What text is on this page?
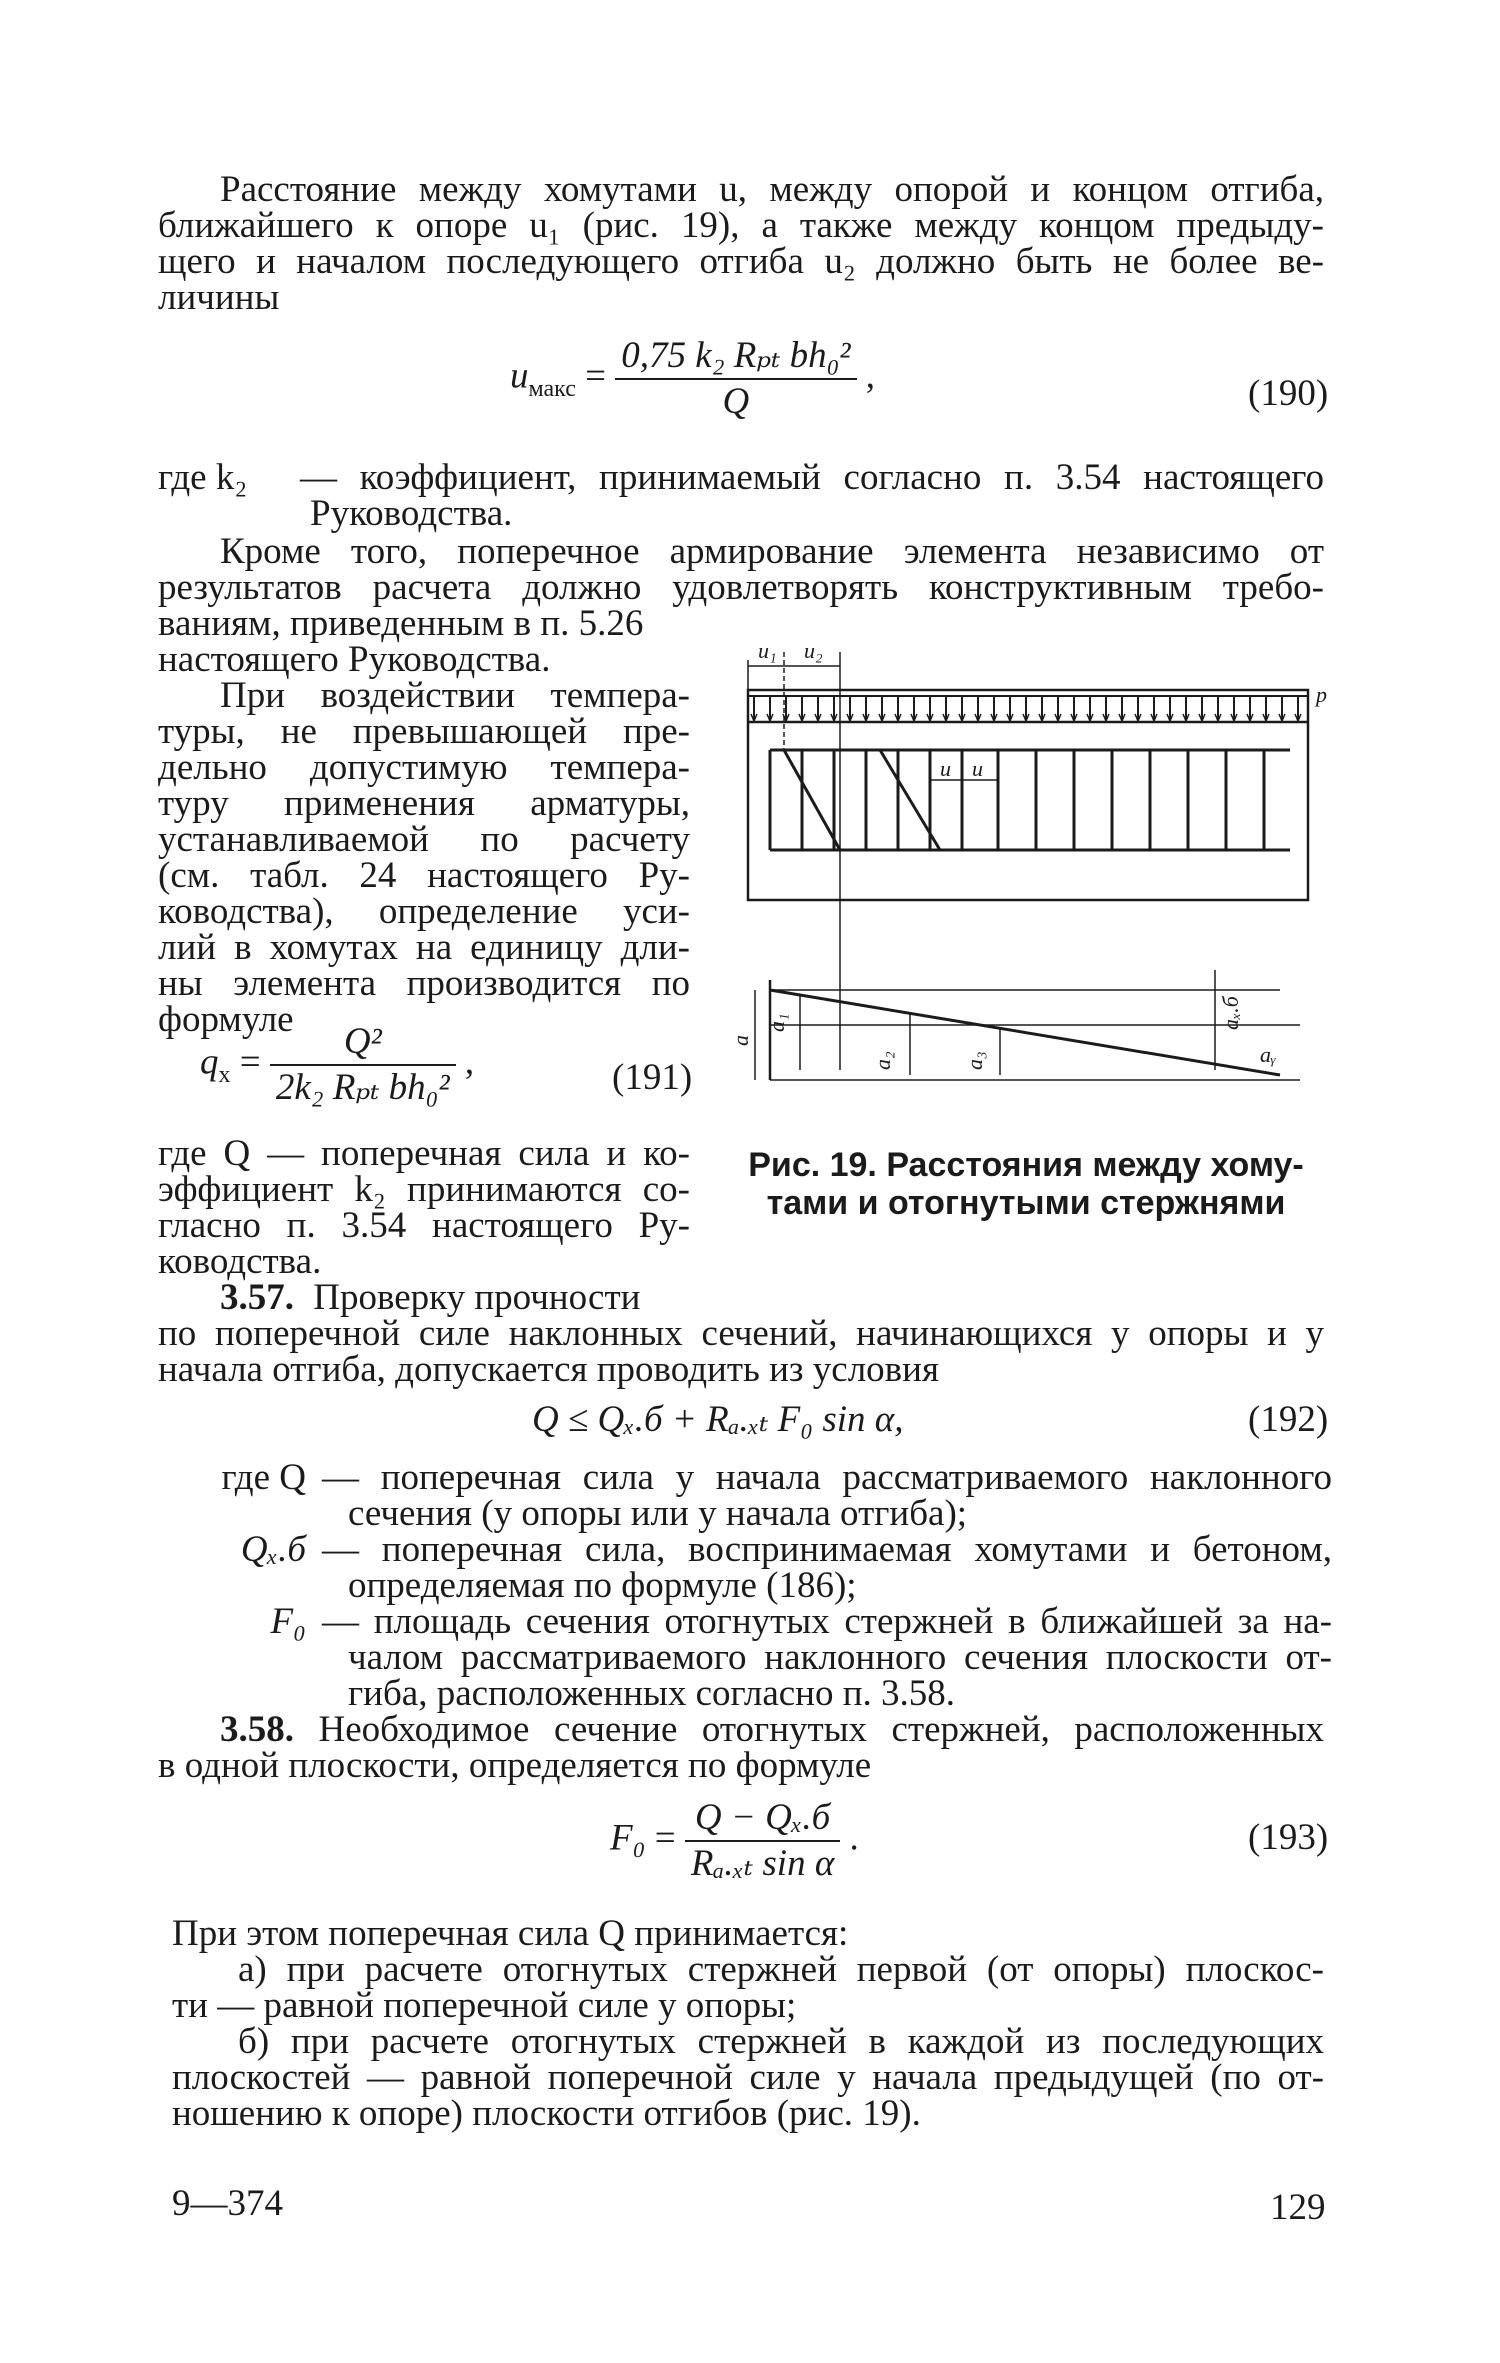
Расстояние между хомутами u, между опорой и концом отгиба,
ближайшего к опоре u₁ (рис. 19), а также между концом предыду-
щего и началом последующего отгиба u₂ должно быть не более ве-
личины
$u_{макс} = \frac{\text{0,75 k₂ Rₚₜ bh₀²}}{Q}$ ,	(190)
где k₂ — коэффициент, принимаемый согласно п. 3.54 настоящего
Руководства.
Кроме того, поперечное армирование элемента независимо от
результатов расчета должно удовлетворять конструктивным требо-
ваниям, приведенным в п. 5.26
настоящего Руководства.
При воздействии темпера-
туры, не превышающей пре-
дельно допустимую темпера-
туру применения арматуры,
устанавливаемой по расчету
(см. табл. 24 настоящего Ру-
ководства), определение уси-
лий в хомутах на единицу дли-
ны элемента производится по
формуле
$q_x = \frac{\text{Q²}}{\text{2k₂ Rₚₜ bh₀²}}$ ,	(191)
где Q — поперечная сила и ко-
эффициент k₂ принимаются со-
гласно п. 3.54 настоящего Ру-
ководства.
u₁ u₂
p
u u
a
a₁
a₂	a₃
aₓ.б
aᵧ
Рис. 19. Расстояния между хому-
тами и отогнутыми стержнями
3.57. Проверку прочности
по поперечной силе наклонных сечений, начинающихся у опоры и у
начала отгиба, допускается проводить из условия
Q ≤ Qₓ.б + Rₐ.ₓₜ F₀ sin α,	(192)
где Q — поперечная сила у начала рассматриваемого наклонного
сечения (у опоры или у начала отгиба);
Qₓ.б — поперечная сила, воспринимаемая хомутами и бетоном,
определяемая по формуле (186);
F₀ — площадь сечения отогнутых стержней в ближайшей за на-
чалом рассматриваемого наклонного сечения плоскости от-
гиба, расположенных согласно п. 3.58.
3.58. Необходимое сечение отогнутых стержней, расположенных
в одной плоскости, определяется по формуле
$F_0 = \frac{\text{Q − Qₓ.б}}{\text{Rₐ.ₓₜ sin α}}$ .	(193)
При этом поперечная сила Q принимается:
а) при расчете отогнутых стержней первой (от опоры) плоскос-
ти — равной поперечной силе у опоры;
б) при расчете отогнутых стержней в каждой из последующих
плоскостей — равной поперечной силе у начала предыдущей (по от-
ношению к опоре) плоскости отгибов (рис. 19).
9—374	129
